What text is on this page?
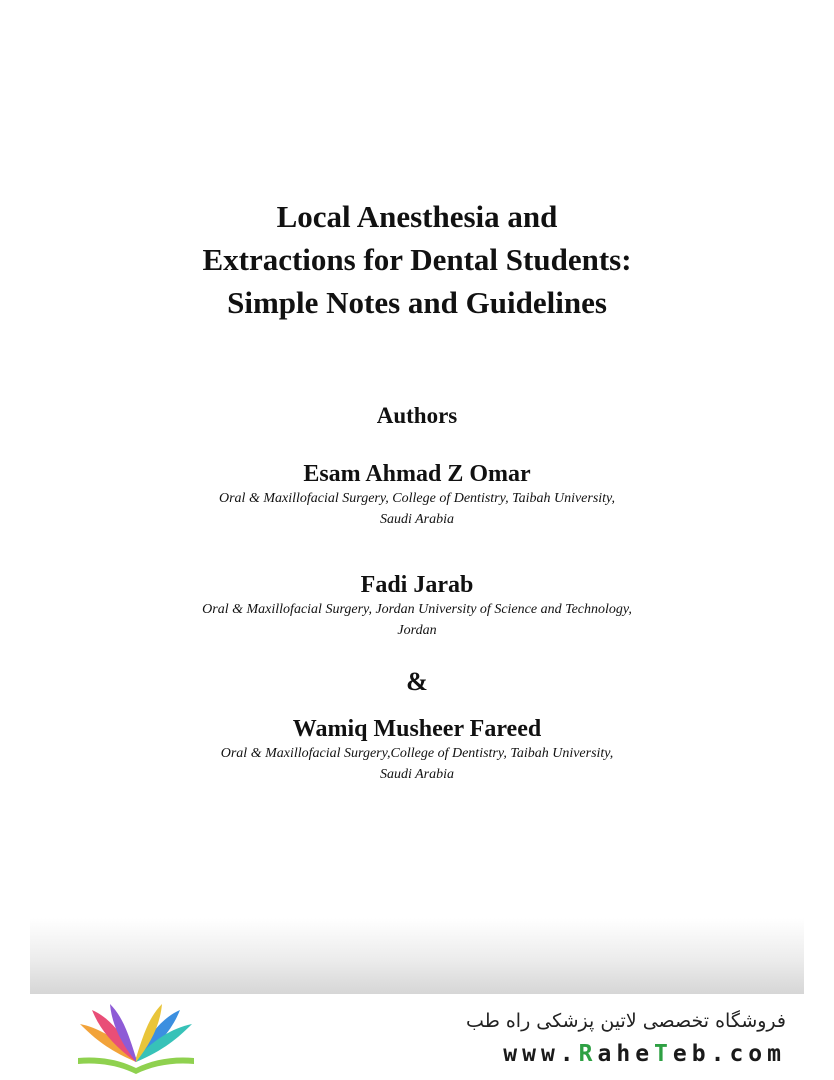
Local Anesthesia and
Extractions for Dental Students:
Simple Notes and Guidelines
Authors
Esam Ahmad Z Omar
Oral & Maxillofacial Surgery, College of Dentistry, Taibah University,
Saudi Arabia
Fadi Jarab
Oral & Maxillofacial Surgery, Jordan University of Science and Technology,
Jordan
&
Wamiq Musheer Fareed
Oral & Maxillofacial Surgery,College of Dentistry, Taibah University,
Saudi Arabia
فروشگاه تخصصی لاتین پزشکی راه طب
www.RaheTeb.com
